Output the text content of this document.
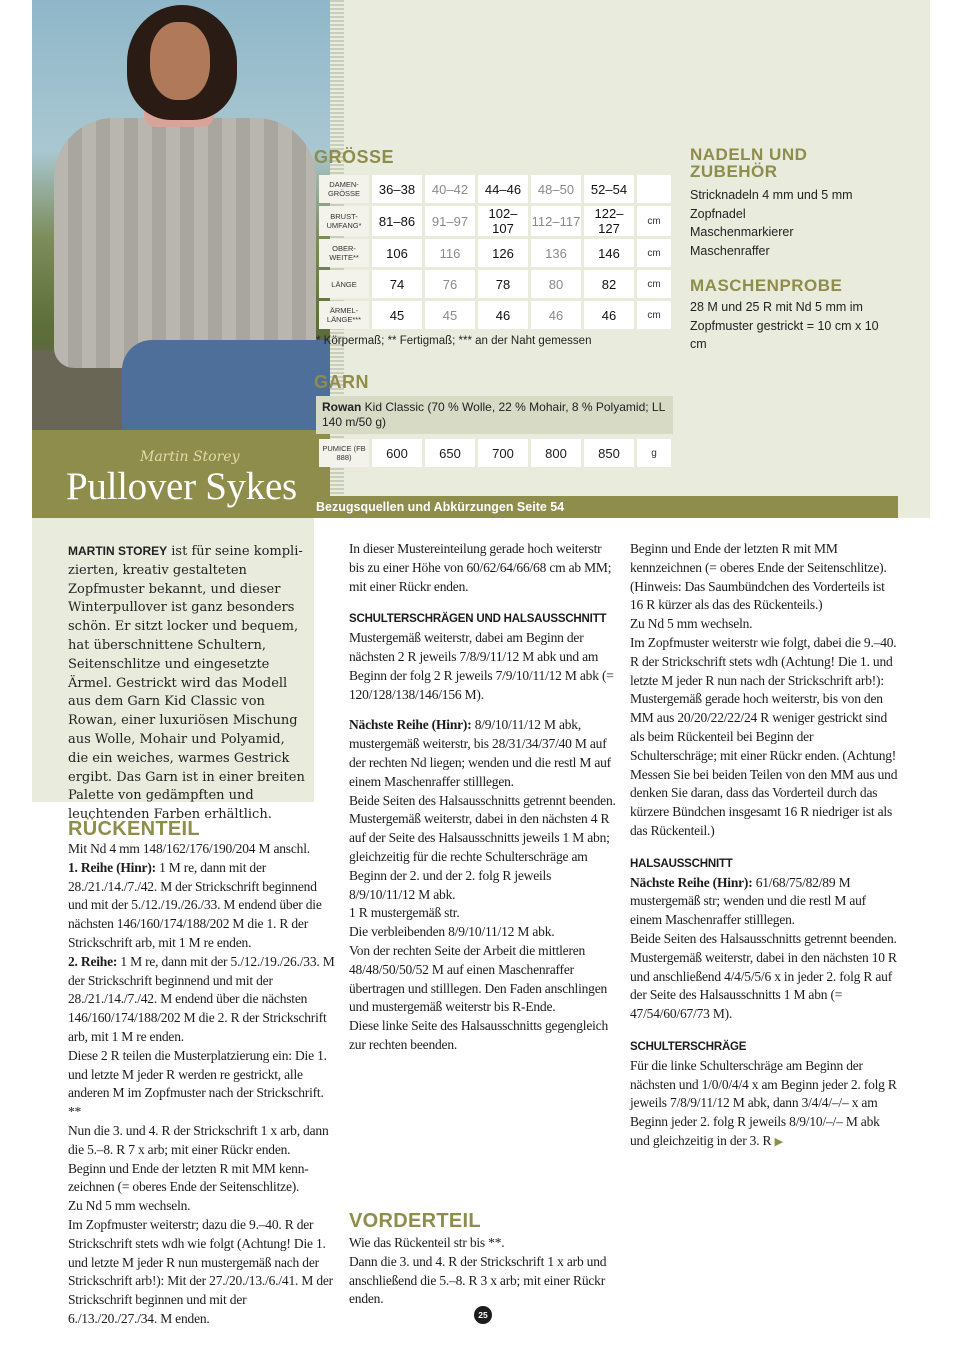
Martin Storey
Pullover Sykes
GRÖSSE
DAMEN-GRÖSSE	36–38	40–42	44–46	48–50	52–54	
BRUST-UMFANG*	81–86	91–97	102–107	112–117	122–127	cm
OBER-WEITE**	106	116	126	136	146	cm
LÄNGE	74	76	78	80	82	cm
ÄRMEL-LÄNGE***	45	45	46	46	46	cm
* Körpermaß; ** Fertigmaß; *** an der Naht gemessen
GARN
Rowan Kid Classic (70 % Wolle, 22 % Mohair, 8 % Polyamid; LL 140 m/50 g)
PUMICE (FB 888)	600	650	700	800	850	g
NADELN UND ZUBEHÖR
Stricknadeln 4 mm und 5 mm
Zopfnadel
Maschenmarkierer
Maschenraffer
MASCHENPROBE
28 M und 25 R mit Nd 5 mm im Zopfmuster gestrickt = 10 cm x 10 cm
Bezugsquellen und Abkürzungen Seite 54
MARTIN STOREY ist für seine komplizierten, kreativ gestalteten Zopfmuster bekannt, und dieser Winterpullover ist ganz besonders schön. Er sitzt locker und bequem, hat überschnittene Schultern, Seitenschlitze und eingesetzte Ärmel. Gestrickt wird das Modell aus dem Garn Kid Classic von Rowan, einer luxuriösen Mischung aus Wolle, Mohair und Polyamid, die ein weiches, warmes Gestrick ergibt. Das Garn ist in einer breiten Palette von gedämpften und leuchtenden Farben erhältlich.
RÜCKENTEIL

Mit Nd 4 mm 148/162/176/190/204 M anschl.

1. Reihe (Hinr): 1 M re, dann mit der 28./21./14./7./42. M der Strickschrift beginnend und mit der 5./12./19./26./33. M endend über die nächsten 146/160/174/188/202 M die 1. R der Strickschrift arb, mit 1 M re enden.

2. Reihe: 1 M re, dann mit der 5./12./19./26./33. M der Strickschrift beginnend und mit der 28./21./14./7./42. M endend über die nächsten 146/160/174/188/202 M die 2. R der Strickschrift arb, mit 1 M re enden.

Diese 2 R teilen die Musterplatzierung ein: Die 1. und letzte M jeder R werden re gestrickt, alle anderen M im Zopfmuster nach der Strickschrift. **

Nun die 3. und 4. R der Strickschrift 1 x arb, dann die 5.–8. R 7 x arb; mit einer Rückr enden.

Beginn und Ende der letzten R mit MM kennzeichnen (= oberes Ende der Seitenschlitze).

Zu Nd 5 mm wechseln.

Im Zopfmuster weiterstr; dazu die 9.–40. R der Strickschrift stets wdh wie folgt (Achtung! Die 1. und letzte M jeder R nun mustergemäß nach der Strickschrift arb!): Mit der 27./20./13./6./41. M der Strickschrift beginnen und mit der 6./13./20./27./34. M enden.

In dieser Mustereinteilung gerade hoch weiterstr bis zu einer Höhe von 60/62/64/66/68 cm ab MM; mit einer Rückr enden.

SCHULTERSCHRÄGEN UND HALSAUSSCHNITT

Mustergemäß weiterstr, dabei am Beginn der nächsten 2 R jeweils 7/8/9/11/12 M abk und am Beginn der folg 2 R jeweils 7/9/10/11/12 M abk (= 120/128/138/146/156 M).

Nächste Reihe (Hinr): 8/9/10/11/12 M abk, mustergemäß weiterstr, bis 28/31/34/37/40 M auf der rechten Nd liegen; wenden und die restl M auf einem Maschenraffer stilllegen.

Beide Seiten des Halsausschnitts getrennt beenden.

Mustergemäß weiterstr, dabei in den nächsten 4 R auf der Seite des Halsausschnitts jeweils 1 M abn; gleichzeitig für die rechte Schulterschräge am Beginn der 2. und der 2. folg R jeweils 8/9/10/11/12 M abk.

1 R mustergemäß str.

Die verbleibenden 8/9/10/11/12 M abk.

Von der rechten Seite der Arbeit die mittleren 48/48/50/50/52 M auf einen Maschenraffer übertragen und stilllegen. Den Faden anschlingen und mustergemäß weiterstr bis R-Ende.

Diese linke Seite des Halsausschnitts gegengleich zur rechten beenden.

VORDERTEIL

Wie das Rückenteil str bis **.

Dann die 3. und 4. R der Strickschrift 1 x arb und anschließend die 5.–8. R 3 x arb; mit einer Rückr enden.

Beginn und Ende der letzten R mit MM kennzeichnen (= oberes Ende der Seitenschlitze).

(Hinweis: Das Saumbündchen des Vorderteils ist 16 R kürzer als das des Rückenteils.)

Zu Nd 5 mm wechseln.

Im Zopfmuster weiterstr wie folgt, dabei die 9.–40. R der Strickschrift stets wdh (Achtung! Die 1. und letzte M jeder R nun nach der Strickschrift arb!):

Mustergemäß gerade hoch weiterstr, bis von den MM aus 20/20/22/22/24 R weniger gestrickt sind als beim Rückenteil bei Beginn der Schulterschräge; mit einer Rückr enden. (Achtung! Messen Sie bei beiden Teilen von den MM aus und denken Sie daran, dass das Vorderteil durch das kürzere Bündchen insgesamt 16 R niedriger ist als das Rückenteil.)

HALSAUSSCHNITT

Nächste Reihe (Hinr): 61/68/75/82/89 M mustergemäß str; wenden und die restl M auf einem Maschenraffer stilllegen.

Beide Seiten des Halsausschnitts getrennt beenden.

Mustergemäß weiterstr, dabei in den nächsten 10 R und anschließend 4/4/5/5/6 x in jeder 2. folg R auf der Seite des Halsausschnitts 1 M abn (= 47/54/60/67/73 M).

SCHULTERSCHRÄGE

Für die linke Schulterschräge am Beginn der nächsten und 1/0/0/4/4 x am Beginn jeder 2. folg R jeweils 7/8/9/11/12 M abk, dann 3/4/4/–/– x am Beginn jeder 2. folg R jeweils 8/9/10/–/– M abk und gleichzeitig in der 3. R ▶

25
